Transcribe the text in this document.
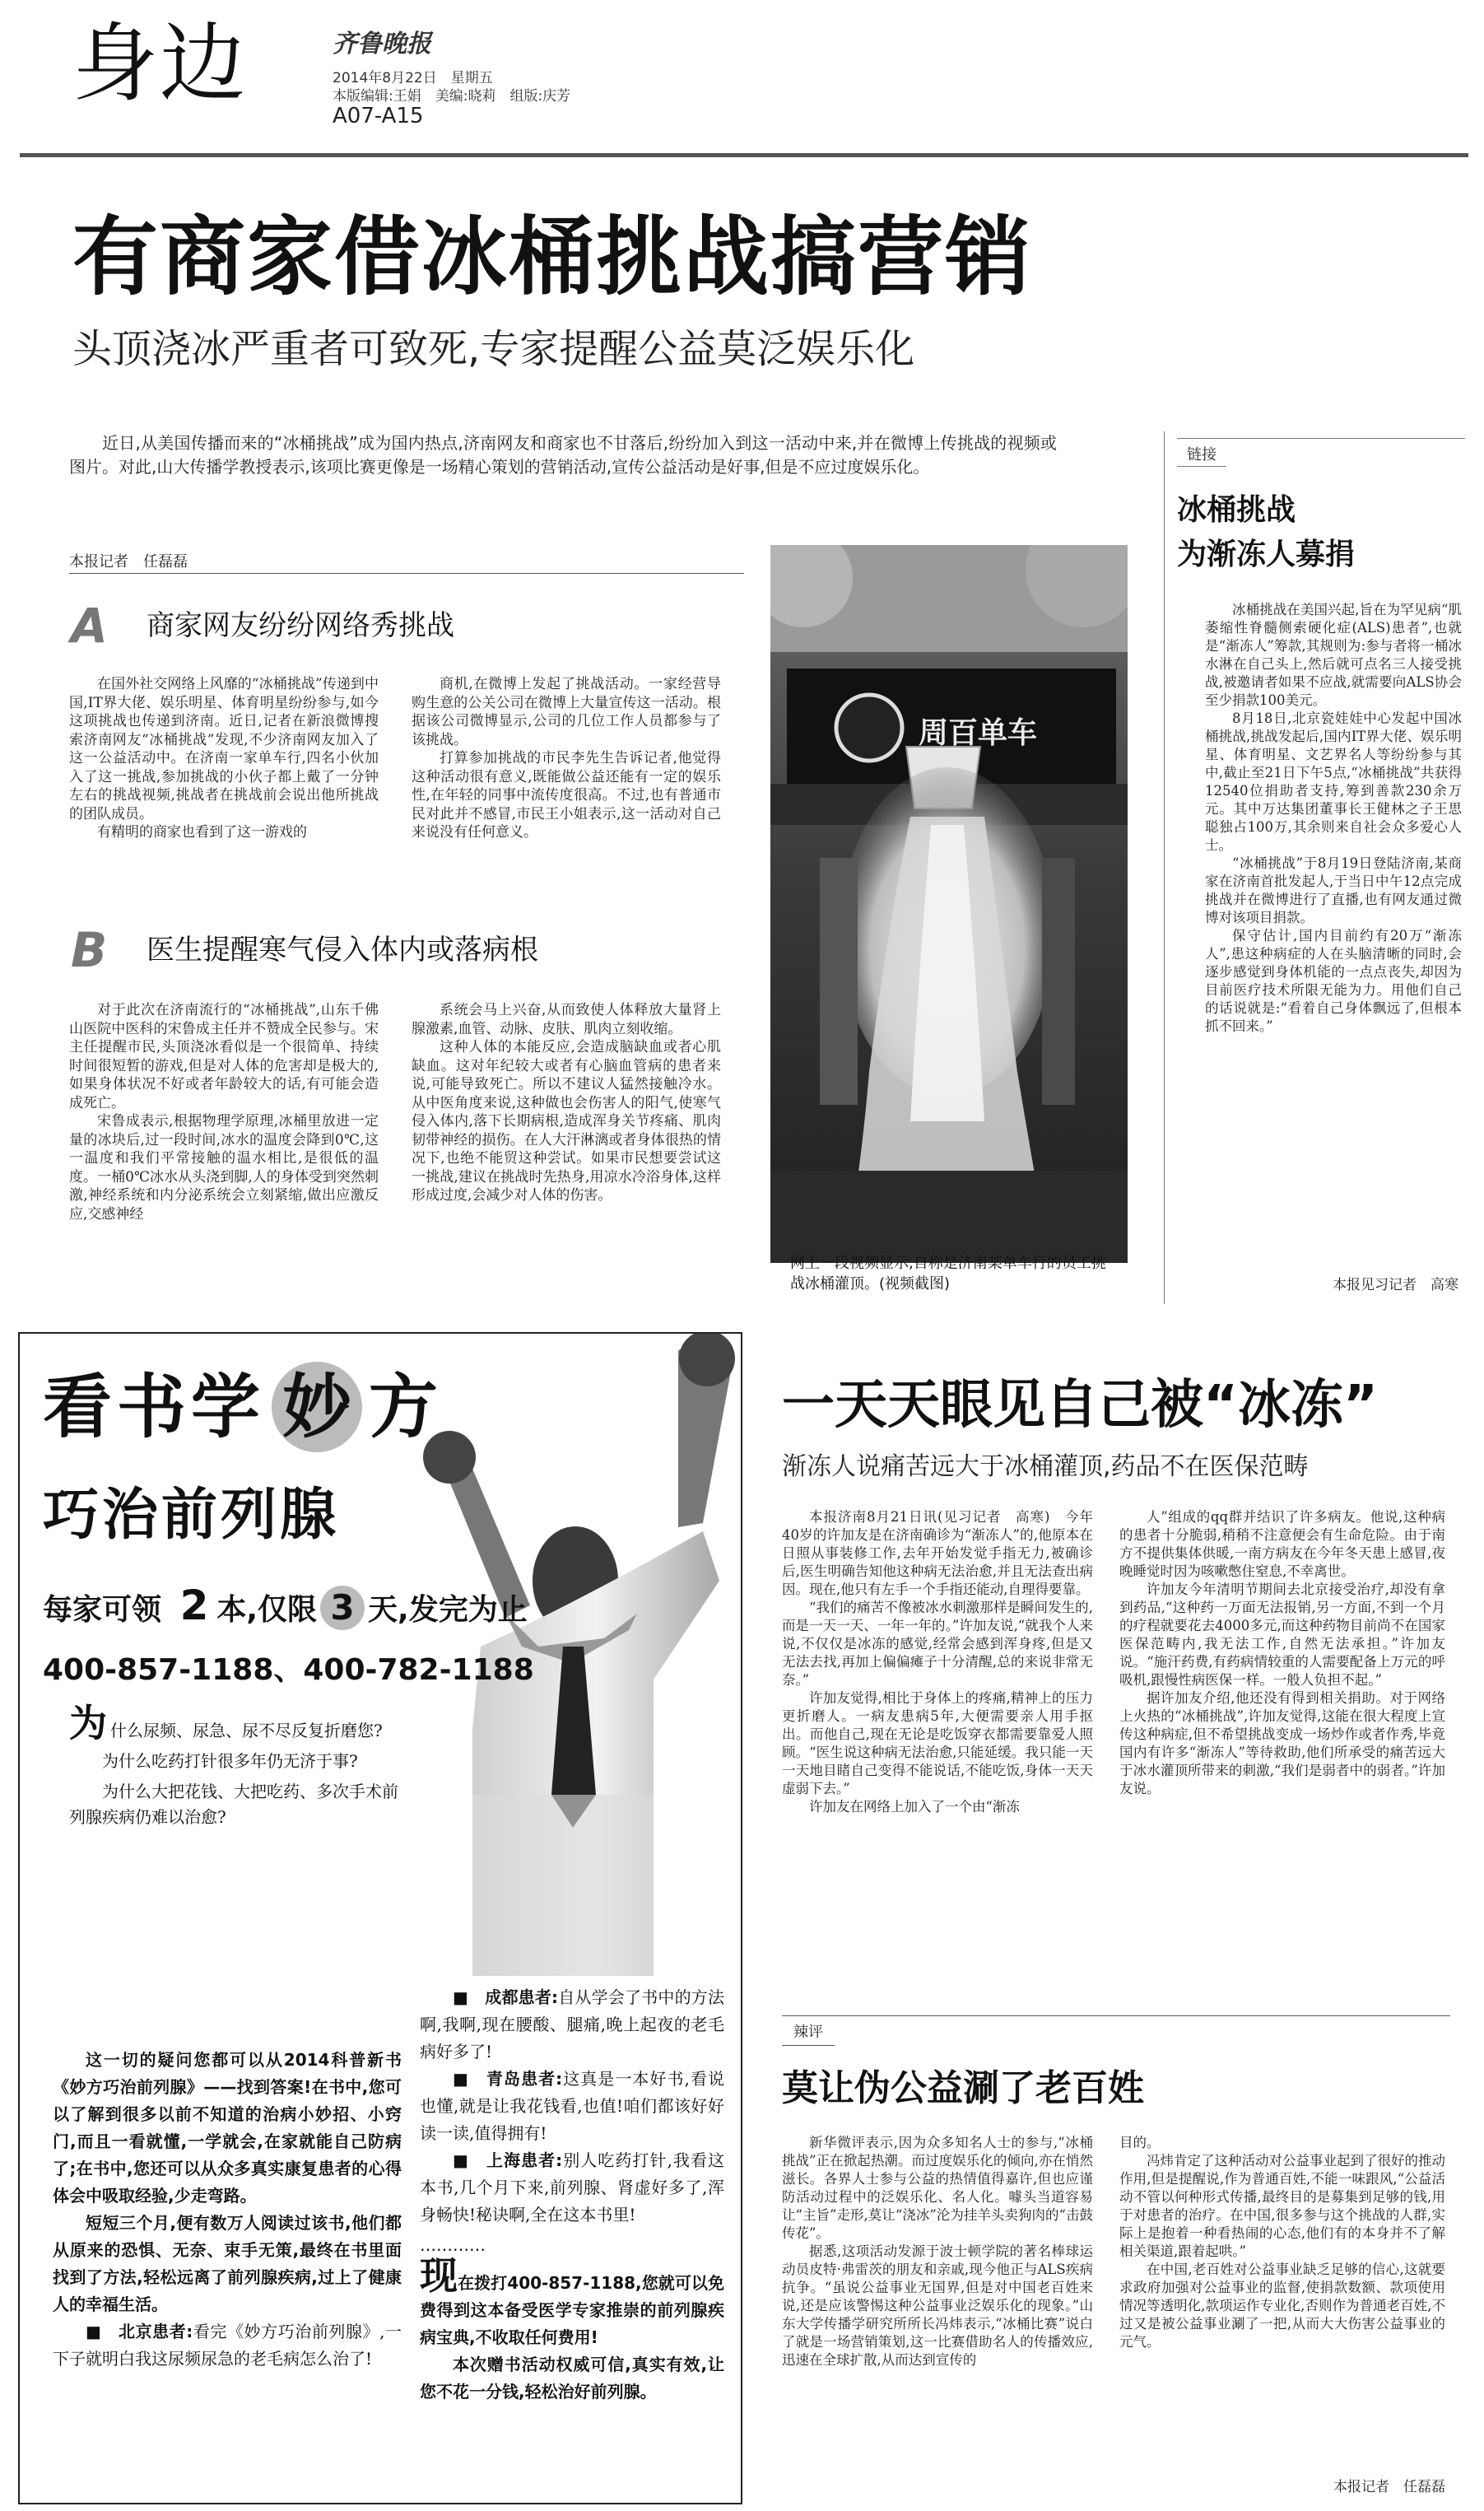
身边	齐鲁晚报
2014年8月22日　星期五
本版编辑:王娟　美编:晓莉　组版:庆芳
A07-A15
有商家借冰桶挑战搞营销
头顶浇冰严重者可致死,专家提醒公益莫泛娱乐化

近日,从美国传播而来的“冰桶挑战”成为国内热点,济南网友和商家也不甘落后,纷纷加入到这一活动中来,并在微博上传挑战的视频或图片。对此,山大传播学教授表示,该项比赛更像是一场精心策划的营销活动,宣传公益活动是好事,但是不应过度娱乐化。

本报记者　任磊磊
A 商家网友纷纷网络秀挑战

在国外社交网络上风靡的“冰桶挑战”传递到中国,IT界大佬、娱乐明星、体育明星纷纷参与,如今这项挑战也传递到济南。近日,记者在新浪微博搜索济南网友“冰桶挑战”发现,不少济南网友加入了这一公益活动中。在济南一家单车行,四名小伙加入了这一挑战,参加挑战的小伙子都上戴了一分钟左右的挑战视频,挑战者在挑战前会说出他所挑战的团队成员。

有精明的商家也看到了这一游戏的

商机,在微博上发起了挑战活动。一家经营导购生意的公关公司在微博上大量宣传这一活动。根据该公司微博显示,公司的几位工作人员都参与了该挑战。

打算参加挑战的市民李先生告诉记者,他觉得这种活动很有意义,既能做公益还能有一定的娱乐性,在年轻的同事中流传度很高。不过,也有普通市民对此并不感冒,市民王小姐表示,这一活动对自己来说没有任何意义。

B 医生提醒寒气侵入体内或落病根

对于此次在济南流行的“冰桶挑战”,山东千佛山医院中医科的宋鲁成主任并不赞成全民参与。宋主任提醒市民,头顶浇冰看似是一个很简单、持续时间很短暂的游戏,但是对人体的危害却是极大的,如果身体状况不好或者年龄较大的话,有可能会造成死亡。

宋鲁成表示,根据物理学原理,冰桶里放进一定量的冰块后,过一段时间,冰水的温度会降到0℃,这一温度和我们平常接触的温水相比,是很低的温度。一桶0℃冰水从头浇到脚,人的身体受到突然刺激,神经系统和内分泌系统会立刻紧缩,做出应激反应,交感神经

系统会马上兴奋,从而致使人体释放大量肾上腺激素,血管、动脉、皮肤、肌肉立刻收缩。

这种人体的本能反应,会造成脑缺血或者心肌缺血。这对年纪较大或者有心脑血管病的患者来说,可能导致死亡。所以不建议人猛然接触冷水。从中医角度来说,这种做也会伤害人的阳气,使寒气侵入体内,落下长期病根,造成浑身关节疼痛、肌肉韧带神经的损伤。在人大汗淋漓或者身体很热的情况下,也绝不能贸这种尝试。如果市民想要尝试这一挑战,建议在挑战时先热身,用凉水冷浴身体,这样形成过度,会减少对人体的伤害。

周百单车
网上一段视频显示,自称是济南某单车行的员工挑战冰桶灌顶。(视频截图)
链接
冰桶挑战
为渐冻人募捐

冰桶挑战在美国兴起,旨在为罕见病“肌萎缩性脊髓侧索硬化症(ALS)患者”,也就是“渐冻人”筹款,其规则为:参与者将一桶冰水淋在自己头上,然后就可点名三人接受挑战,被邀请者如果不应战,就需要向ALS协会至少捐款100美元。

8月18日,北京瓷娃娃中心发起中国冰桶挑战,挑战发起后,国内IT界大佬、娱乐明星、体育明星、文艺界名人等纷纷参与其中,截止至21日下午5点,“冰桶挑战”共获得12540位捐助者支持,筹到善款230余万元。其中万达集团董事长王健林之子王思聪独占100万,其余则来自社会众多爱心人士。

“冰桶挑战”于8月19日登陆济南,某商家在济南首批发起人,于当日中午12点完成挑战并在微博进行了直播,也有网友通过微博对该项目捐款。

保守估计,国内目前约有20万“渐冻人”,患这种病症的人在头脑清晰的同时,会逐步感觉到身体机能的一点点丧失,却因为目前医疗技术所限无能为力。用他们自己的话说就是:“看着自己身体飘远了,但根本抓不回来。”

本报见习记者　高寒
看书学 妙 方
巧治前列腺
每家可领 2 本,仅限 3 天,发完为止
400-857-1188、400-782-1188
为什么尿频、尿急、尿不尽反复折磨您?
为什么吃药打针很多年仍无济于事?
为什么大把花钱、大把吃药、多次手术前列腺疾病仍难以治愈?

这一切的疑问您都可以从2014科普新书《妙方巧治前列腺》——找到答案!在书中,您可以了解到很多以前不知道的治病小妙招、小窍门,而且一看就懂,一学就会,在家就能自己防病了;在书中,您还可以从众多真实康复患者的心得体会中吸取经验,少走弯路。

短短三个月,便有数万人阅读过该书,他们都从原来的恐惧、无奈、束手无策,最终在书里面找到了方法,轻松远离了前列腺疾病,过上了健康人的幸福生活。

■　北京患者:看完《妙方巧治前列腺》,一下子就明白我这尿频尿急的老毛病怎么治了!

■　成都患者:自从学会了书中的方法啊,我啊,现在腰酸、腿痛,晚上起夜的老毛病好多了!

■　青岛患者:这真是一本好书,看说也懂,就是让我花钱看,也值!咱们都该好好读一读,值得拥有!

■　上海患者:别人吃药打针,我看这本书,几个月下来,前列腺、肾虚好多了,浑身畅快!秘诀啊,全在这本书里!

…………

现在拨打400-857-1188,您就可以免费得到这本备受医学专家推崇的前列腺疾病宝典,不收取任何费用!

本次赠书活动权威可信,真实有效,让您不花一分钱,轻松治好前列腺。

一天天眼见自己被“冰冻”
渐冻人说痛苦远大于冰桶灌顶,药品不在医保范畴

本报济南8月21日讯(见习记者　高寒)　今年40岁的许加友是在济南确诊为“渐冻人”的,他原本在日照从事装修工作,去年开始发觉手指无力,被确诊后,医生明确告知他这种病无法治愈,并且无法查出病因。现在,他只有左手一个手指还能动,自理得要靠。

“我们的痛苦不像被冰水刺激那样是瞬间发生的,而是一天一天、一年一年的。”许加友说,“就我个人来说,不仅仅是冰冻的感觉,经常会感到浑身疼,但是又无法去找,再加上偏偏瘫子十分清醒,总的来说非常无奈。”

许加友觉得,相比于身体上的疼痛,精神上的压力更折磨人。一病友患病5年,大便需要亲人用手抠出。而他自己,现在无论是吃饭穿衣都需要靠爱人照顾。“医生说这种病无法治愈,只能延缓。我只能一天一天地目睹自己变得不能说话,不能吃饭,身体一天天虚弱下去。”

许加友在网络上加入了一个由“渐冻

人”组成的qq群并结识了许多病友。他说,这种病的患者十分脆弱,稍稍不注意便会有生命危险。由于南方不提供集体供暖,一南方病友在今年冬天患上感冒,夜晚睡觉时因为咳嗽憋住窒息,不幸离世。

许加友今年清明节期间去北京接受治疗,却没有拿到药品,“这种药一万面无法报销,另一方面,不到一个月的疗程就要花去4000多元,而这种药物目前尚不在国家医保范畴内,我无法工作,自然无法承担。”许加友说。“施汗药费,有药病情较重的人需要配备上万元的呼吸机,跟慢性病医保一样。一般人负担不起。”

据许加友介绍,他还没有得到相关捐助。对于网络上火热的“冰桶挑战”,许加友觉得,这能在很大程度上宣传这种病症,但不希望挑战变成一场炒作或者作秀,毕竟国内有许多“渐冻人”等待救助,他们所承受的痛苦远大于冰水灌顶所带来的刺激,“我们是弱者中的弱者。”许加友说。

辣评
莫让伪公益涮了老百姓

新华微评表示,因为众多知名人士的参与,“冰桶挑战”正在掀起热潮。而过度娱乐化的倾向,亦在悄然滋长。各界人士参与公益的热情值得嘉许,但也应谨防活动过程中的泛娱乐化、名人化。噱头当道容易让“主旨”走形,莫让“浇冰”沦为挂羊头卖狗肉的“击鼓传花”。

据悉,这项活动发源于波士顿学院的著名棒球运动员皮特·弗雷茨的朋友和亲戚,现今他正与ALS疾病抗争。“虽说公益事业无国界,但是对中国老百姓来说,还是应该警惕这种公益事业泛娱乐化的现象。”山东大学传播学研究所所长冯炜表示,“冰桶比赛”说白了就是一场营销策划,这一比赛借助名人的传播效应,迅速在全球扩散,从而达到宣传的

目的。

冯炜肯定了这种活动对公益事业起到了很好的推动作用,但是提醒说,作为普通百姓,不能一味跟风,“公益活动不管以何种形式传播,最终目的是募集到足够的钱,用于对患者的治疗。在中国,很多参与这个挑战的人群,实际上是抱着一种看热闹的心态,他们有的本身并不了解相关渠道,跟着起哄。”

在中国,老百姓对公益事业缺乏足够的信心,这就要求政府加强对公益事业的监督,使捐款数额、款项使用情况等透明化,款项运作专业化,否则作为普通老百姓,不过又是被公益事业涮了一把,从而大大伤害公益事业的元气。

本报记者　任磊磊
